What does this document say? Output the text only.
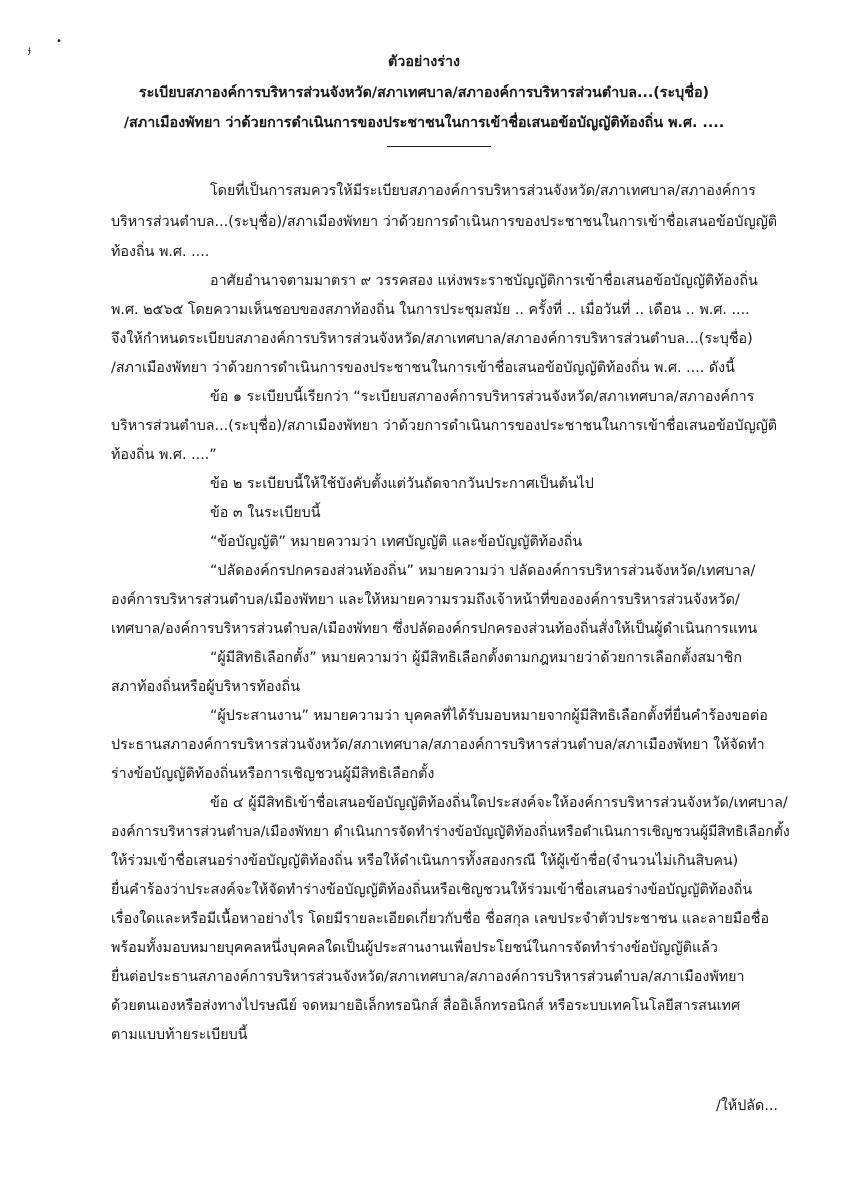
ɟ
•
ตัวอย่างร่าง
ระเบียบสภาองค์การบริหารส่วนจังหวัด/สภาเทศบาล/สภาองค์การบริหารส่วนตำบล...(ระบุชื่อ)
/สภาเมืองพัทยา ว่าด้วยการดำเนินการของประชาชนในการเข้าชื่อเสนอข้อบัญญัติท้องถิ่น พ.ศ. ....
โดยที่เป็นการสมควรให้มีระเบียบสภาองค์การบริหารส่วนจังหวัด/สภาเทศบาล/สภาองค์การ
บริหารส่วนตำบล...(ระบุชื่อ)/สภาเมืองพัทยา ว่าด้วยการดำเนินการของประชาชนในการเข้าชื่อเสนอข้อบัญญัติ
ท้องถิ่น พ.ศ. ....
อาศัยอำนาจตามมาตรา ๙ วรรคสอง แห่งพระราชบัญญัติการเข้าชื่อเสนอข้อบัญญัติท้องถิ่น
พ.ศ. ๒๕๖๕ โดยความเห็นชอบของสภาท้องถิ่น ในการประชุมสมัย .. ครั้งที่ .. เมื่อวันที่ .. เดือน .. พ.ศ. ....
จึงให้กำหนดระเบียบสภาองค์การบริหารส่วนจังหวัด/สภาเทศบาล/สภาองค์การบริหารส่วนตำบล...(ระบุชื่อ)
/สภาเมืองพัทยา ว่าด้วยการดำเนินการของประชาชนในการเข้าชื่อเสนอข้อบัญญัติท้องถิ่น พ.ศ. .... ดังนี้
ข้อ ๑ ระเบียบนี้เรียกว่า “ระเบียบสภาองค์การบริหารส่วนจังหวัด/สภาเทศบาล/สภาองค์การ
บริหารส่วนตำบล...(ระบุชื่อ)/สภาเมืองพัทยา ว่าด้วยการดำเนินการของประชาชนในการเข้าชื่อเสนอข้อบัญญัติ
ท้องถิ่น พ.ศ. ....”
ข้อ ๒ ระเบียบนี้ให้ใช้บังคับตั้งแต่วันถัดจากวันประกาศเป็นต้นไป
ข้อ ๓ ในระเบียบนี้
“ข้อบัญญัติ” หมายความว่า เทศบัญญัติ และข้อบัญญัติท้องถิ่น
“ปลัดองค์กรปกครองส่วนท้องถิ่น” หมายความว่า ปลัดองค์การบริหารส่วนจังหวัด/เทศบาล/
องค์การบริหารส่วนตำบล/เมืองพัทยา และให้หมายความรวมถึงเจ้าหน้าที่ขององค์การบริหารส่วนจังหวัด/
เทศบาล/องค์การบริหารส่วนตำบล/เมืองพัทยา ซึ่งปลัดองค์กรปกครองส่วนท้องถิ่นสั่งให้เป็นผู้ดำเนินการแทน
“ผู้มีสิทธิเลือกตั้ง” หมายความว่า ผู้มีสิทธิเลือกตั้งตามกฎหมายว่าด้วยการเลือกตั้งสมาชิก
สภาท้องถิ่นหรือผู้บริหารท้องถิ่น
“ผู้ประสานงาน” หมายความว่า บุคคลที่ได้รับมอบหมายจากผู้มีสิทธิเลือกตั้งที่ยื่นคำร้องขอต่อ
ประธานสภาองค์การบริหารส่วนจังหวัด/สภาเทศบาล/สภาองค์การบริหารส่วนตำบล/สภาเมืองพัทยา ให้จัดทำ
ร่างข้อบัญญัติท้องถิ่นหรือการเชิญชวนผู้มีสิทธิเลือกตั้ง
ข้อ ๔ ผู้มีสิทธิเข้าชื่อเสนอข้อบัญญัติท้องถิ่นใดประสงค์จะให้องค์การบริหารส่วนจังหวัด/เทศบาล/
องค์การบริหารส่วนตำบล/เมืองพัทยา ดำเนินการจัดทำร่างข้อบัญญัติท้องถิ่นหรือดำเนินการเชิญชวนผู้มีสิทธิเลือกตั้ง
ให้ร่วมเข้าชื่อเสนอร่างข้อบัญญัติท้องถิ่น หรือให้ดำเนินการทั้งสองกรณี ให้ผู้เข้าชื่อ(จำนวนไม่เกินสิบคน)
ยื่นคำร้องว่าประสงค์จะให้จัดทำร่างข้อบัญญัติท้องถิ่นหรือเชิญชวนให้ร่วมเข้าชื่อเสนอร่างข้อบัญญัติท้องถิ่น
เรื่องใดและหรือมีเนื้อหาอย่างไร โดยมีรายละเอียดเกี่ยวกับชื่อ ชื่อสกุล เลขประจำตัวประชาชน และลายมือชื่อ
พร้อมทั้งมอบหมายบุคคลหนึ่งบุคคลใดเป็นผู้ประสานงานเพื่อประโยชน์ในการจัดทำร่างข้อบัญญัติแล้ว
ยื่นต่อประธานสภาองค์การบริหารส่วนจังหวัด/สภาเทศบาล/สภาองค์การบริหารส่วนตำบล/สภาเมืองพัทยา
ด้วยตนเองหรือส่งทางไปรษณีย์ จดหมายอิเล็กทรอนิกส์ สื่ออิเล็กทรอนิกส์ หรือระบบเทคโนโลยีสารสนเทศ
ตามแบบท้ายระเบียบนี้
/ให้ปลัด...
